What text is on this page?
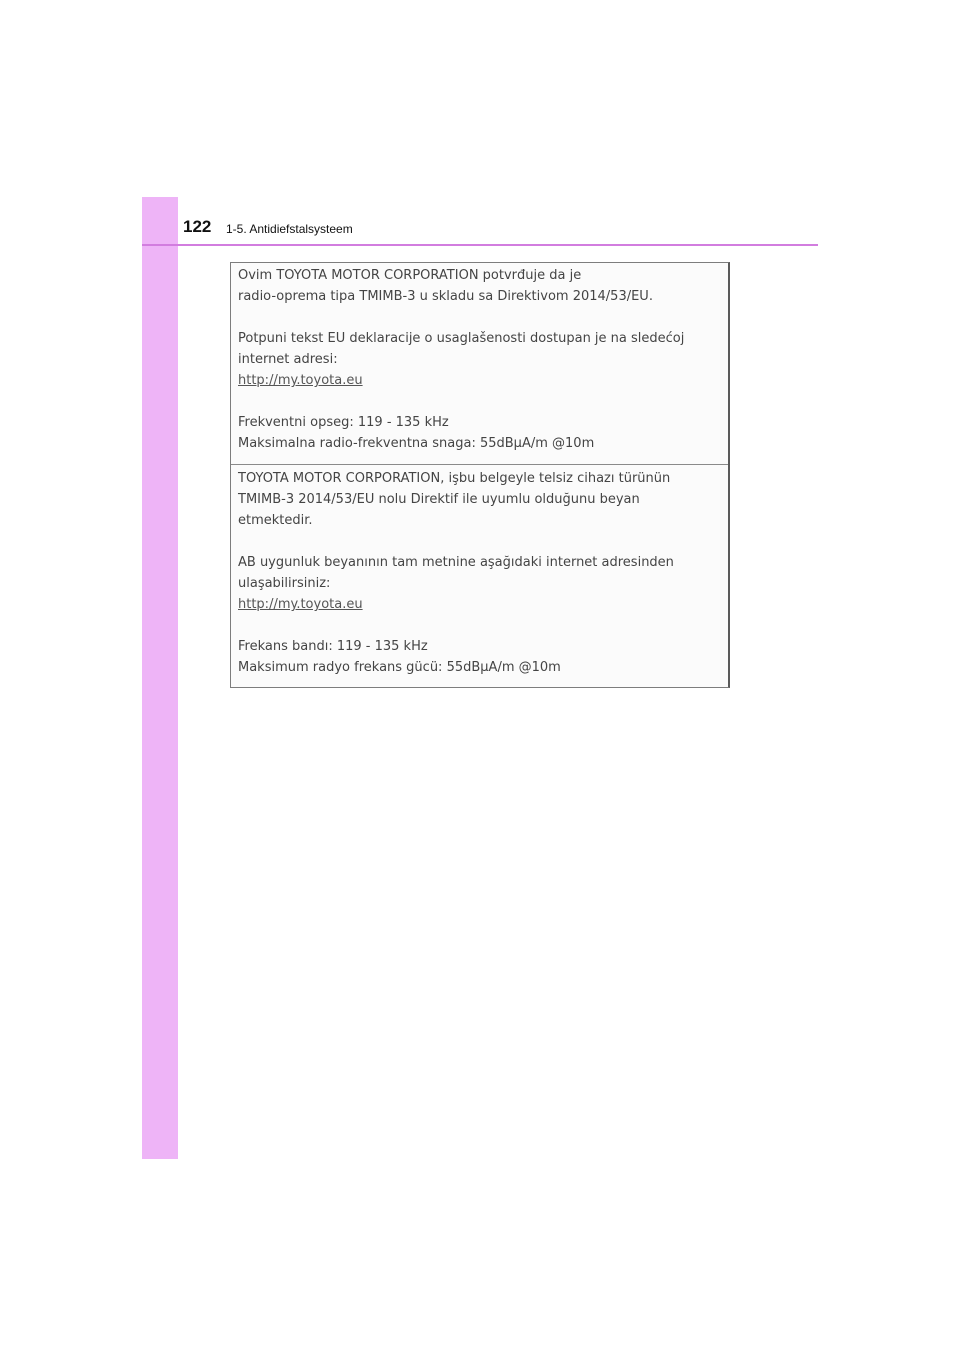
122 1-5. Antidiefstalsysteem

Ovim TOYOTA MOTOR CORPORATION potvrđuje da je

radio-oprema tipa TMIMB-3 u skladu sa Direktivom 2014/53/EU.

Potpuni tekst EU deklaracije o usaglašenosti dostupan je na sledećoj

internet adresi:

http://my.toyota.eu

Frekventni opseg: 119 - 135 kHz

Maksimalna radio-frekventna snaga: 55dBμA/m @10m

TOYOTA MOTOR CORPORATION, işbu belgeyle telsiz cihazı türünün

TMIMB-3 2014/53/EU nolu Direktif ile uyumlu olduğunu beyan

etmektedir.

AB uygunluk beyanının tam metnine aşağıdaki internet adresinden

ulaşabilirsiniz:

http://my.toyota.eu

Frekans bandı: 119 - 135 kHz

Maksimum radyo frekans gücü: 55dBμA/m @10m
